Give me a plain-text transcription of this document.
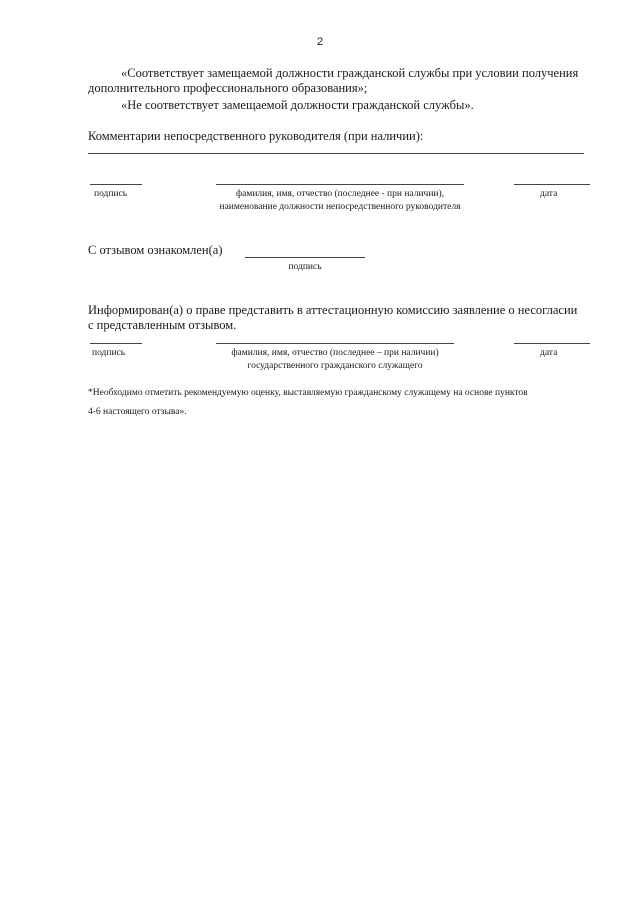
2
«Соответствует замещаемой должности гражданской службы при условии получения
дополнительного профессионального образования»;
«Не соответствует замещаемой должности гражданской службы».
Комментарии непосредственного руководителя (при наличии):
подпись	фамилия, имя, отчество (последнее - при наличии),
наименование должности непосредственного руководителя
дата
С отзывом ознакомлен(а)
подпись
Информирован(а) о праве представить в аттестационную комиссию заявление о несогласии
с представленным отзывом.
подпись	фамилия, имя, отчество (последнее – при наличии)
государственного гражданского служащего
дата
*Необходимо отметить рекомендуемую оценку, выставляемую гражданскому служащему на основе пунктов
4-6 настоящего отзыва».
